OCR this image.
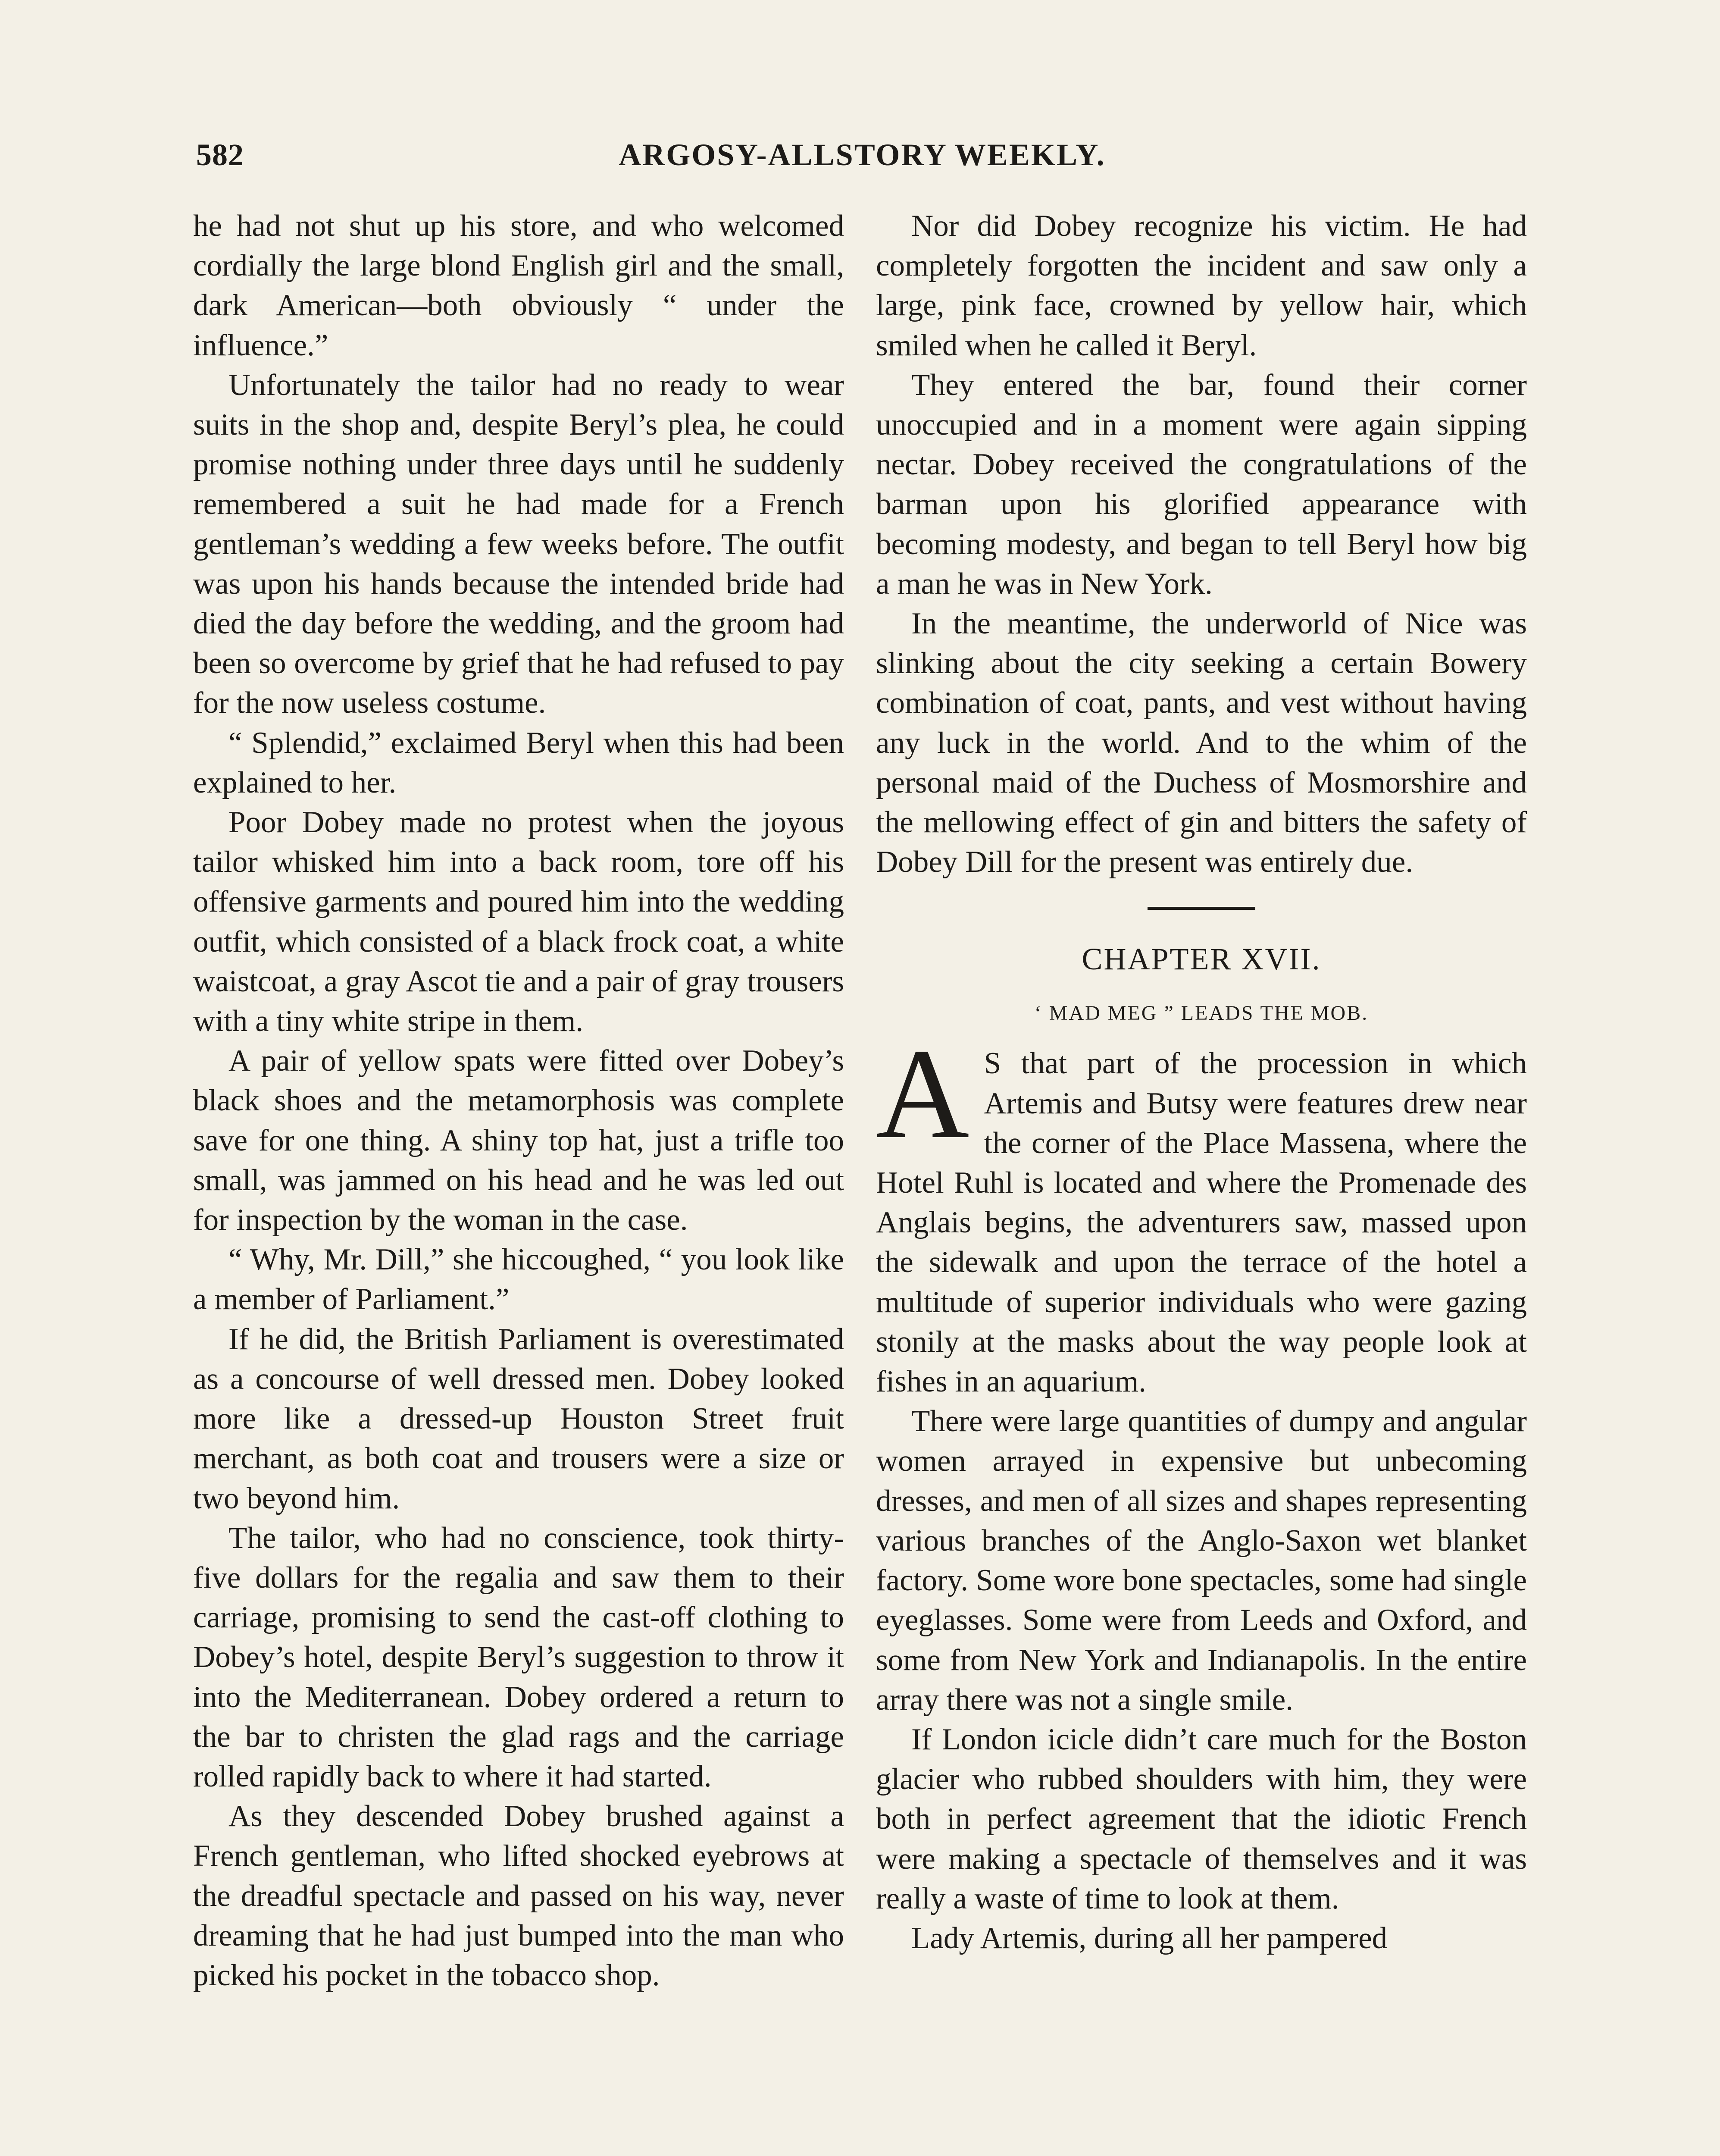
582	ARGOSY-ALLSTORY WEEKLY.

he had not shut up his store, and who welcomed cordially the large blond English girl and the small, dark American—both obviously “ under the influence.”

Unfortunately the tailor had no ready to wear suits in the shop and, despite Beryl’s plea, he could promise nothing under three days until he suddenly remembered a suit he had made for a French gentleman’s wedding a few weeks before. The outfit was upon his hands because the intended bride had died the day before the wedding, and the groom had been so overcome by grief that he had refused to pay for the now useless costume.

“ Splendid,” exclaimed Beryl when this had been explained to her.

Poor Dobey made no protest when the joyous tailor whisked him into a back room, tore off his offensive garments and poured him into the wedding outfit, which consisted of a black frock coat, a white waistcoat, a gray Ascot tie and a pair of gray trousers with a tiny white stripe in them.

A pair of yellow spats were fitted over Dobey’s black shoes and the metamorphosis was complete save for one thing. A shiny top hat, just a trifle too small, was jammed on his head and he was led out for inspection by the woman in the case.

“ Why, Mr. Dill,” she hiccoughed, “ you look like a member of Parliament.”

If he did, the British Parliament is overestimated as a concourse of well dressed men. Dobey looked more like a dressed-up Houston Street fruit merchant, as both coat and trousers were a size or two beyond him.

The tailor, who had no conscience, took thirty-five dollars for the regalia and saw them to their carriage, promising to send the cast-off clothing to Dobey’s hotel, despite Beryl’s suggestion to throw it into the Mediterranean. Dobey ordered a return to the bar to christen the glad rags and the carriage rolled rapidly back to where it had started.

As they descended Dobey brushed against a French gentleman, who lifted shocked eyebrows at the dreadful spectacle and passed on his way, never dreaming that he had just bumped into the man who picked his pocket in the tobacco shop.

Nor did Dobey recognize his victim. He had completely forgotten the incident and saw only a large, pink face, crowned by yellow hair, which smiled when he called it Beryl.

They entered the bar, found their corner unoccupied and in a moment were again sipping nectar. Dobey received the congratulations of the barman upon his glorified appearance with becoming modesty, and began to tell Beryl how big a man he was in New York.

In the meantime, the underworld of Nice was slinking about the city seeking a certain Bowery combination of coat, pants, and vest without having any luck in the world. And to the whim of the personal maid of the Duchess of Mosmorshire and the mellowing effect of gin and bitters the safety of Dobey Dill for the present was entirely due.

CHAPTER XVII.
‘ MAD MEG ” LEADS THE MOB.

A S that part of the procession in which Artemis and Butsy were features drew near the corner of the Place Massena, where the Hotel Ruhl is located and where the Promenade des Anglais begins, the adventurers saw, massed upon the sidewalk and upon the terrace of the hotel a multitude of superior individuals who were gazing stonily at the masks about the way people look at fishes in an aquarium.

There were large quantities of dumpy and angular women arrayed in expensive but unbecoming dresses, and men of all sizes and shapes representing various branches of the Anglo-Saxon wet blanket factory. Some wore bone spectacles, some had single eyeglasses. Some were from Leeds and Oxford, and some from New York and Indianapolis. In the entire array there was not a single smile.

If London icicle didn’t care much for the Boston glacier who rubbed shoulders with him, they were both in perfect agreement that the idiotic French were making a spectacle of themselves and it was really a waste of time to look at them.

Lady Artemis, during all her pampered
